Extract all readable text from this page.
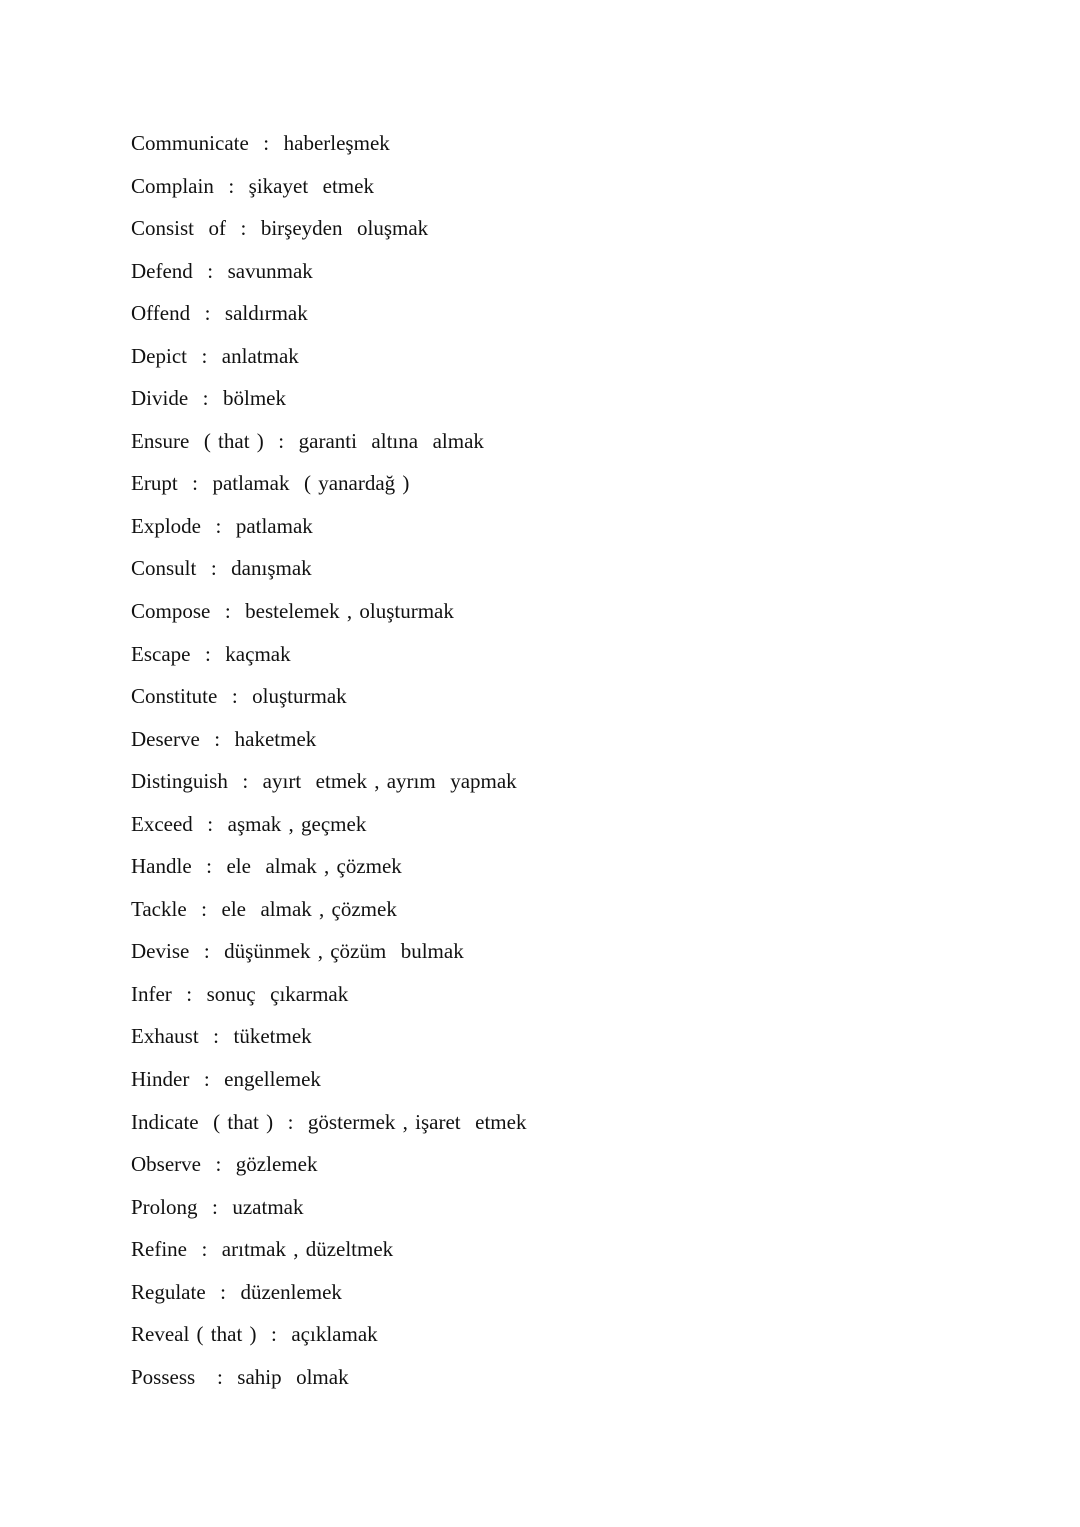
Communicate  :  haberleşmek
Complain  :  şikayet  etmek
Consist  of  :  birşeyden  oluşmak
Defend  :  savunmak
Offend  :  saldırmak
Depict  :  anlatmak
Divide  :  bölmek
Ensure  ( that )  :  garanti  altına  almak
Erupt  :  patlamak  ( yanardağ )
Explode  :  patlamak
Consult  :  danışmak
Compose  :  bestelemek , oluşturmak
Escape  :  kaçmak
Constitute  :  oluşturmak
Deserve  :  haketmek
Distinguish  :  ayırt  etmek , ayrım  yapmak
Exceed  :  aşmak , geçmek
Handle  :  ele  almak , çözmek
Tackle  :  ele  almak , çözmek
Devise  :  düşünmek , çözüm  bulmak
Infer  :  sonuç  çıkarmak
Exhaust  :  tüketmek
Hinder  :  engellemek
Indicate  ( that )  :  göstermek , işaret  etmek
Observe  :  gözlemek
Prolong  :  uzatmak
Refine  :  arıtmak , düzeltmek
Regulate  :  düzenlemek
Reveal ( that )  :  açıklamak
Possess   :  sahip  olmak
